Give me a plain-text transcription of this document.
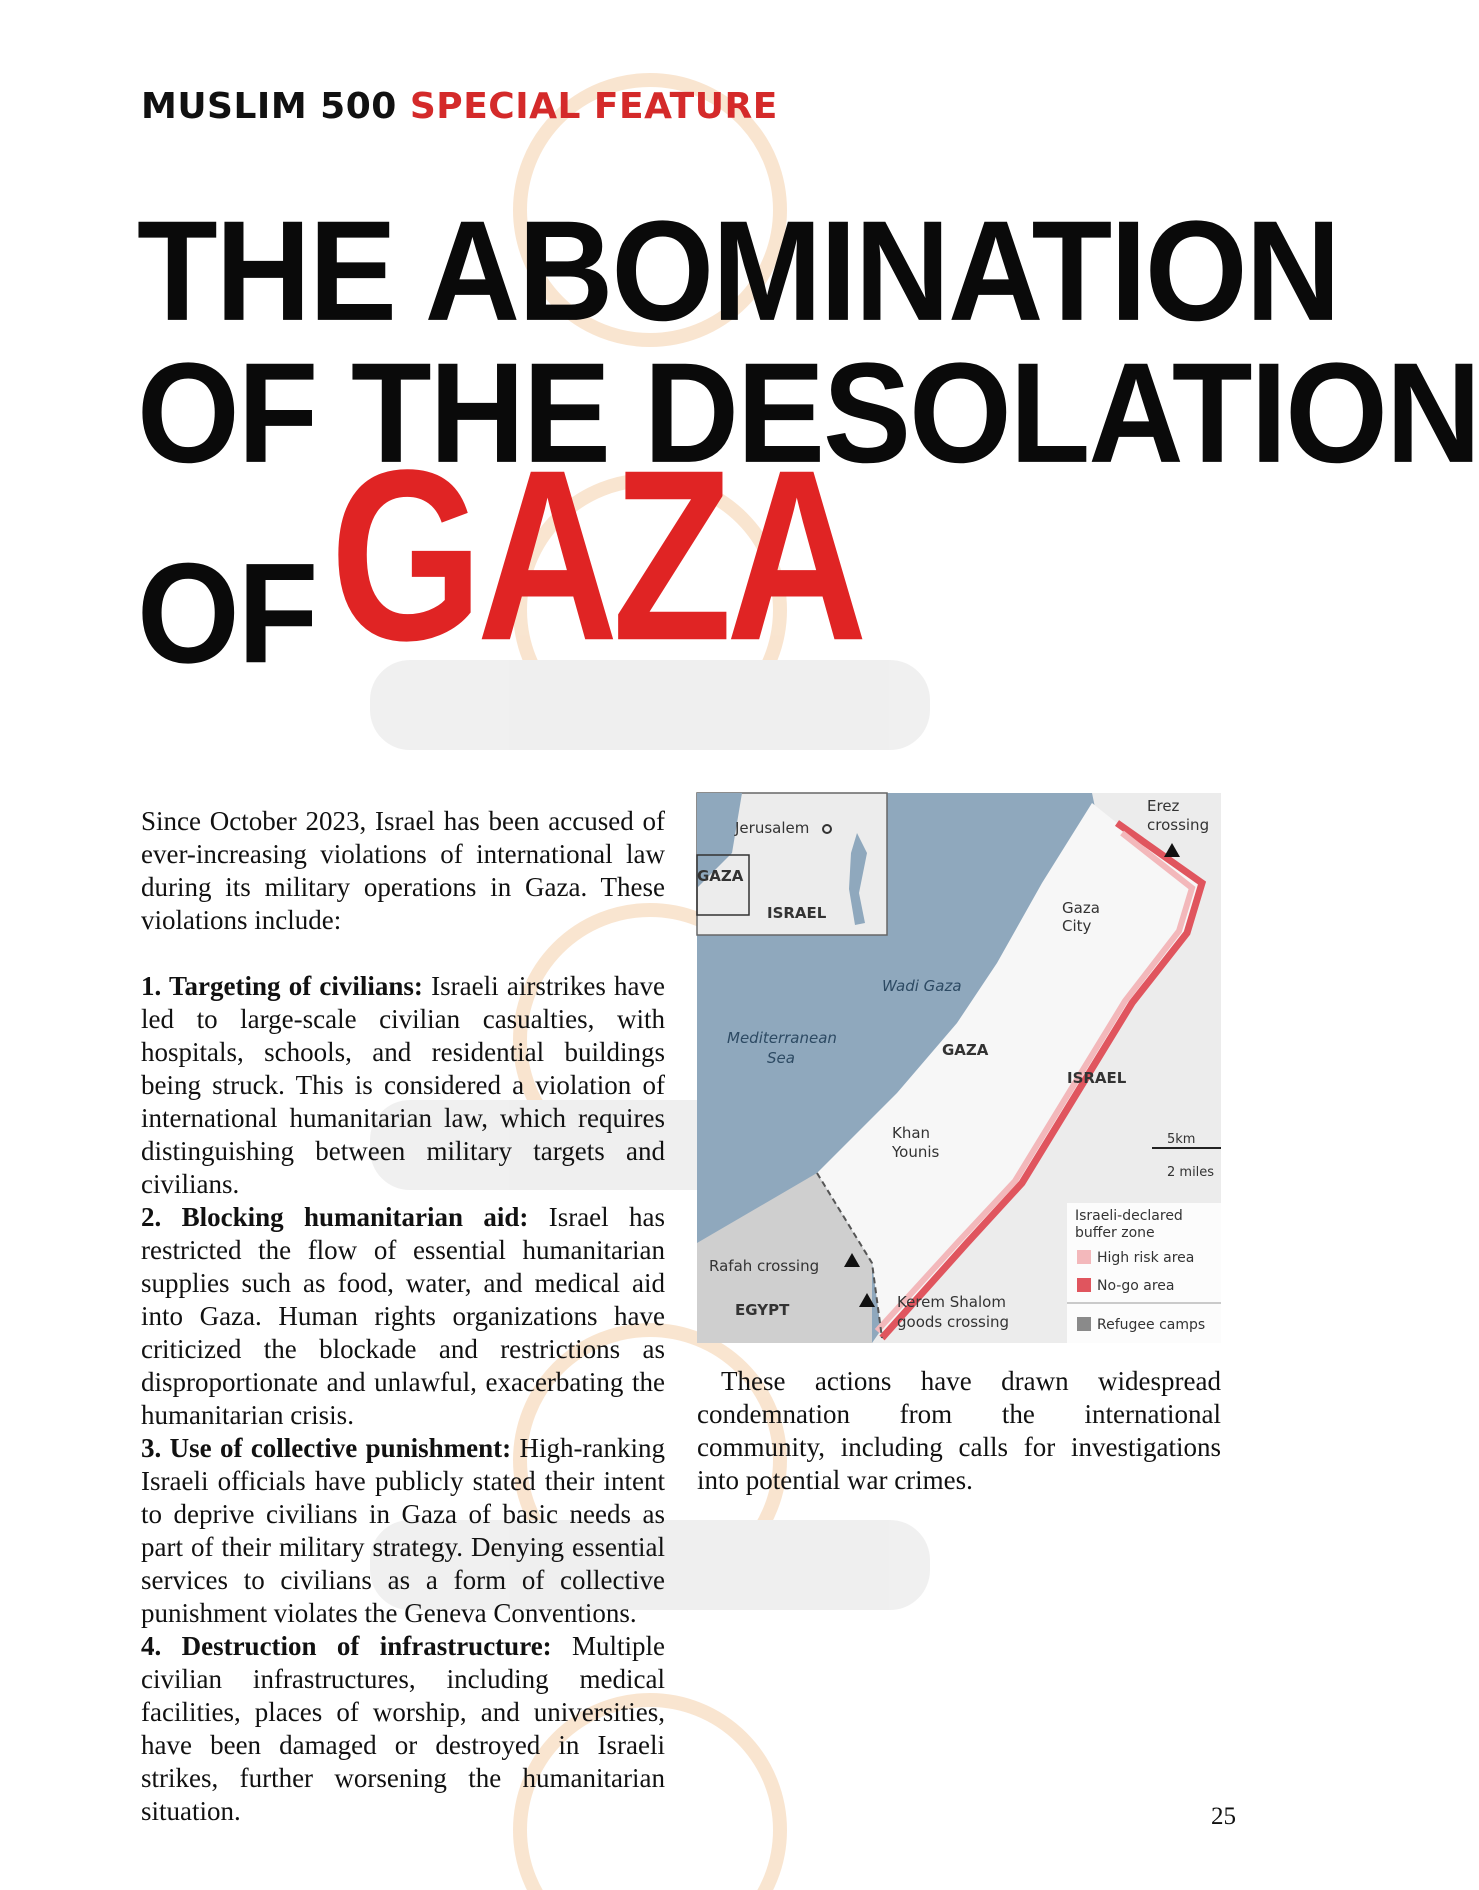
MUSLIM 500 SPECIAL FEATURE
THE ABOMINATION
OF THE DESOLATION
OFGAZA

Since October 2023, Israel has been accused of ever-increasing violations of international law during its military operations in Gaza. These violations include:

1. Targeting of civilians: Israeli airstrikes have led to large-scale civilian casualties, with hospitals, schools, and residential buildings being struck. This is considered a violation of international humanitarian law, which requires distinguishing between military targets and civilians.

2. Blocking humanitarian aid: Israel has restricted the flow of essential humanitarian supplies such as food, water, and medical aid into Gaza. Human rights organizations have criticized the blockade and restrictions as disproportionate and unlawful, exacerbating the humanitarian crisis.

3. Use of collective punishment: High-ranking Israeli officials have publicly stated their intent to deprive civilians in Gaza of basic needs as part of their military strategy. Denying essential services to civilians as a form of collective punishment violates the Geneva Conventions.

4. Destruction of infrastructure: Multiple civilian infrastructures, including medical facilities, places of worship, and universities, have been damaged or destroyed in Israeli strikes, further worsening the humanitarian situation.

Erez
crossing
Jerusalem
GAZA
ISRAEL	Gaza
City
Wadi Gaza
Mediterranean
Sea	GAZA
ISRAEL
Khan
Younis
5km
2 miles
Rafah crossing
EGYPT	Kerem Shalom
goods crossing
Israeli-declared
buffer zone
High risk area
No-go area
Refugee camps

These actions have drawn widespread condemnation from the international community, including calls for investigations into potential war crimes.

25
